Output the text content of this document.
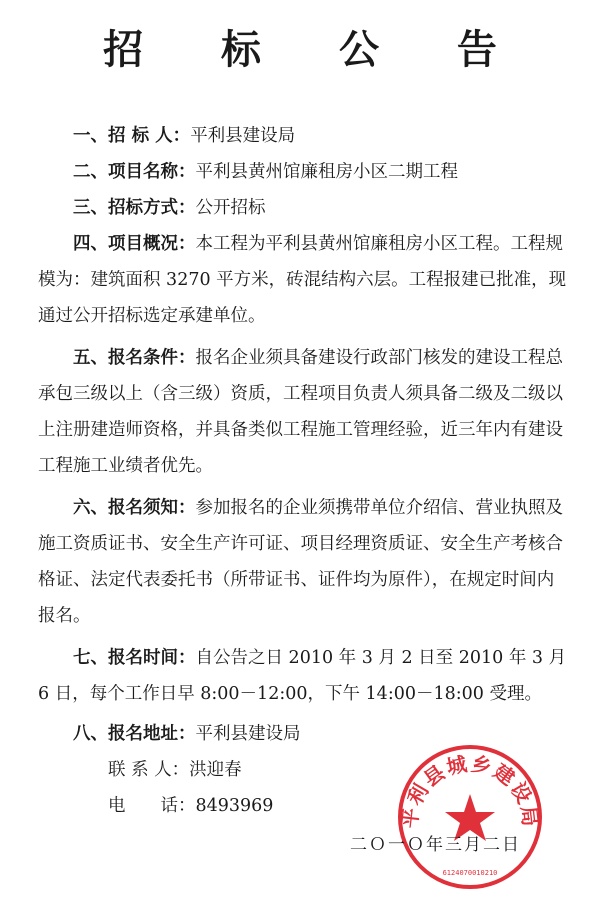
招 标 公 告
一、招 标 人：平利县建设局
二、项目名称：平利县黄州馆廉租房小区二期工程
三、招标方式：公开招标
四、项目概况：本工程为平利县黄州馆廉租房小区工程。工程规模为：建筑面积 3270 平方米，砖混结构六层。工程报建已批准，现通过公开招标选定承建单位。
五、报名条件：报名企业须具备建设行政部门核发的建设工程总承包三级以上（含三级）资质，工程项目负责人须具备二级及二级以上注册建造师资格，并具备类似工程施工管理经验，近三年内有建设工程施工业绩者优先。
六、报名须知：参加报名的企业须携带单位介绍信、营业执照及施工资质证书、安全生产许可证、项目经理资质证、安全生产考核合格证、法定代表委托书（所带证书、证件均为原件），在规定时间内报名。
七、报名时间：自公告之日 2010 年 3 月 2 日至 2010 年 3 月 6 日，每个工作日早 8:00－12:00，下午 14:00－18:00 受理。
八、报名地址：平利县建设局
联 系 人：洪迎春
电　　话：8493969	平利县城乡建设局
6124070010210
二Ｏ一Ｏ年三月二日
